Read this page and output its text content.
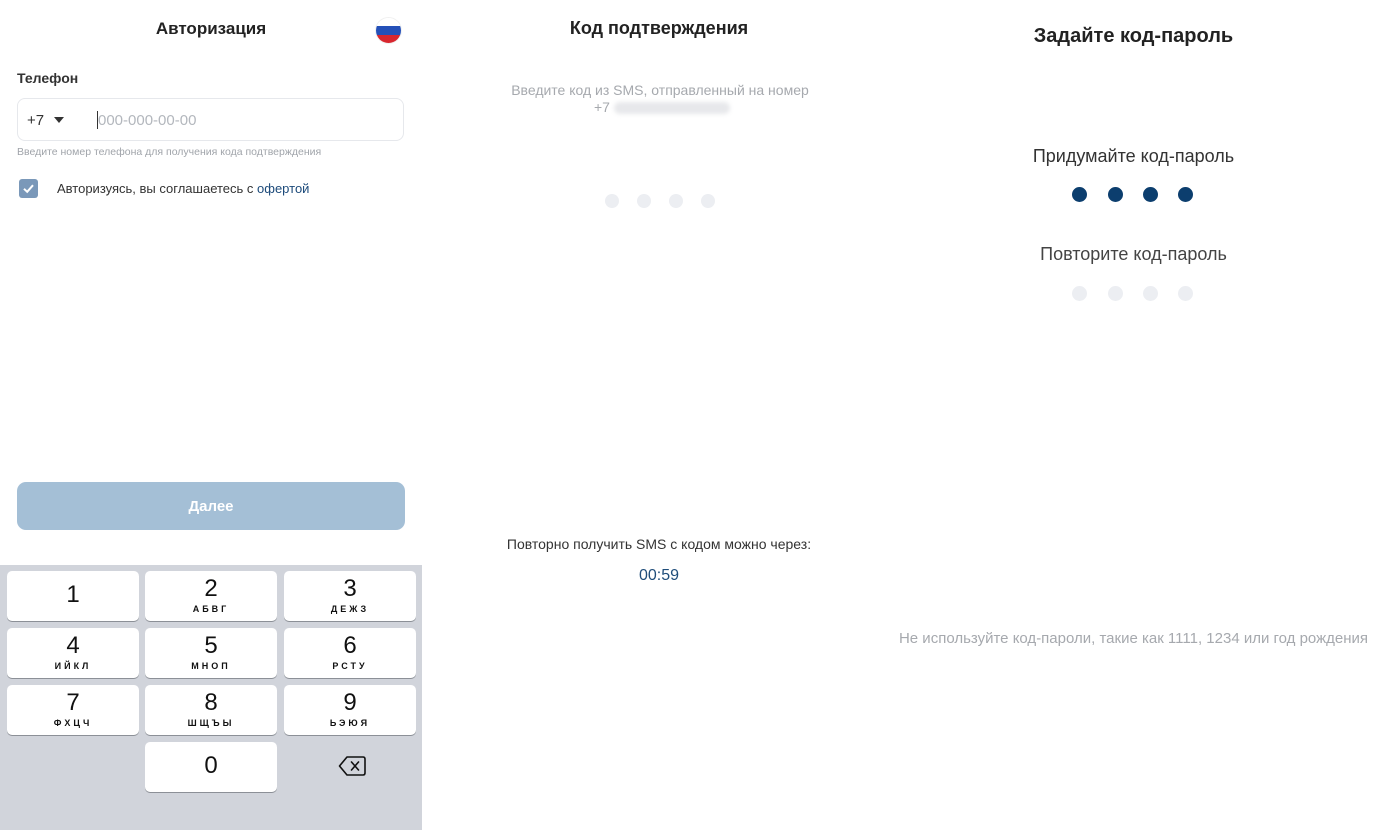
Авторизация
Телефон
+7
000-000-00-00
Введите номер телефона для получения кода подтверждения
Авторизуясь, вы соглашаетесь с офертой
Далее
1	2
АБВГ
3
ДЕЖЗ
4
ИЙКЛ
5
МНОП
6
РСТУ
7
ФХЦЧ
8
ШЩЪЫ
9
ЬЭЮЯ
0
Код подтверждения
Введите код из SMS, отправленный на номер
+7
Повторно получить SMS с кодом можно через:
00:59
Задайте код-пароль
Придумайте код-пароль
Повторите код-пароль
Не используйте код-пароли, такие как 1111, 1234 или год рождения
